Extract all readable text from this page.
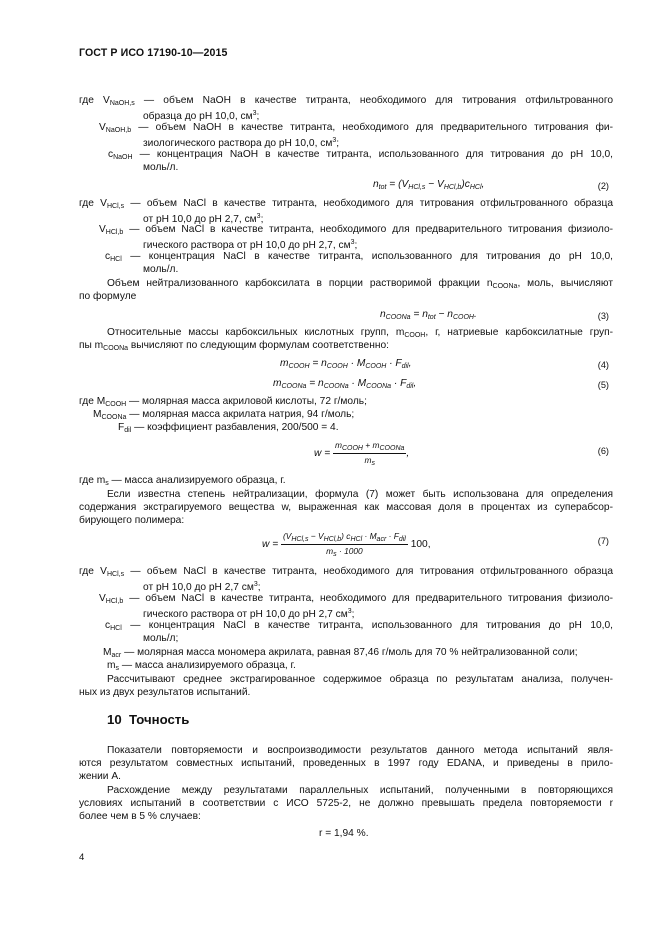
ГОСТ Р ИСО 17190-10—2015
где $V_{NaOH,s}$ — объем NaOH в качестве титранта, необходимого для титрования отфильтрованного
образца до рН 10,0, $см^3$;
$V_{NaOH,b}$ — объем NaOH в качестве титранта, необходимого для предварительного титрования фи-
зиологического раствора до рН 10,0, $см^3$;
$c_{NaOH}$ — концентрация NaOH в качестве титранта, использованного для титрования до рН 10,0,
моль/л.
$n_{tot} = (V_{HCl,s} - V_{HCl,b})c_{HCl}$,	(2)
где $V_{HCl,s}$ — объем NaCl в качестве титранта, необходимого для титрования отфильтрованного образца
от рН 10,0 до рН 2,7, $см^3$;
$V_{HCl,b}$ — объем NaCl в качестве титранта, необходимого для предварительного титрования физиоло-
гического раствора от рН 10,0 до рН 2,7, $см^3$;
$c_{HCl}$ — концентрация NaCl в качестве титранта, использованного для титрования до рН 10,0,
моль/л.
Объем нейтрализованного карбоксилата в порции растворимой фракции $n_{COONa}$, моль, вычисляют
по формуле
$n_{COONa} = n_{tot} - n_{COOH}$.	(3)
Относительные массы карбоксильных кислотных групп, $m_{COOH}$, г, натриевые карбоксилатные груп-
пы $m_{COONa}$ вычисляют по следующим формулам соответственно:
$m_{COOH} = n_{COOH} \cdot M_{COOH} \cdot F_{dil}$,	(4)
$m_{COONa} = n_{COONa} \cdot M_{COONa} \cdot F_{dil}$,	(5)
где $M_{COOH}$ — молярная масса акриловой кислоты, 72 г/моль;
$M_{COONa}$ — молярная масса акрилата натрия, 94 г/моль;
$F_{dil}$ — коэффициент разбавления, 200/500 = 4.
$w = \frac{m_{COOH} + m_{COONa}}{m_s}$ ,	(6)
где $m_s$ — масса анализируемого образца, г.
Если известна степень нейтрализации, формула (7) может быть использована для определения
содержания экстрагируемого вещества w, выраженная как массовая доля в процентах из суперабсор-
бирующего полимера:
$w = \frac{(V_{HCl,s} - V_{HCl,b}) c_{HCl} \cdot M_{acr} \cdot F_{dil}}{m_s \cdot 1000} 100$,	(7)
где $V_{HCl,s}$ — объем NaCl в качестве титранта, необходимого для титрования отфильтрованного образца
от рН 10,0 до рН 2,7 $см^3$;
$V_{HCl,b}$ — объем NaCl в качестве титранта, необходимого для предварительного титрования физиоло-
гического раствора от рН 10,0 до рН 2,7 $см^3$;
$c_{HCl}$ — концентрация NaCl в качестве титранта, использованного для титрования до рН 10,0,
моль/л;
$M_{acr}$ — молярная масса мономера акрилата, равная 87,46 г/моль для 70 % нейтрализованной соли;
$m_s$ — масса анализируемого образца, г.
Рассчитывают среднее экстрагированное содержимое образца по результатам анализа, получен-
ных из двух результатов испытаний.
10 Точность
Показатели повторяемости и воспроизводимости результатов данного метода испытаний явля-
ются результатом совместных испытаний, проведенных в 1997 году EDANA, и приведены в прило-
жении А.
Расхождение между результатами параллельных испытаний, полученными в повторяющихся
условиях испытаний в соответствии с ИСО 5725-2, не должно превышать предела повторяемости r
более чем в 5 % случаев:
r = 1,94 %.
4
